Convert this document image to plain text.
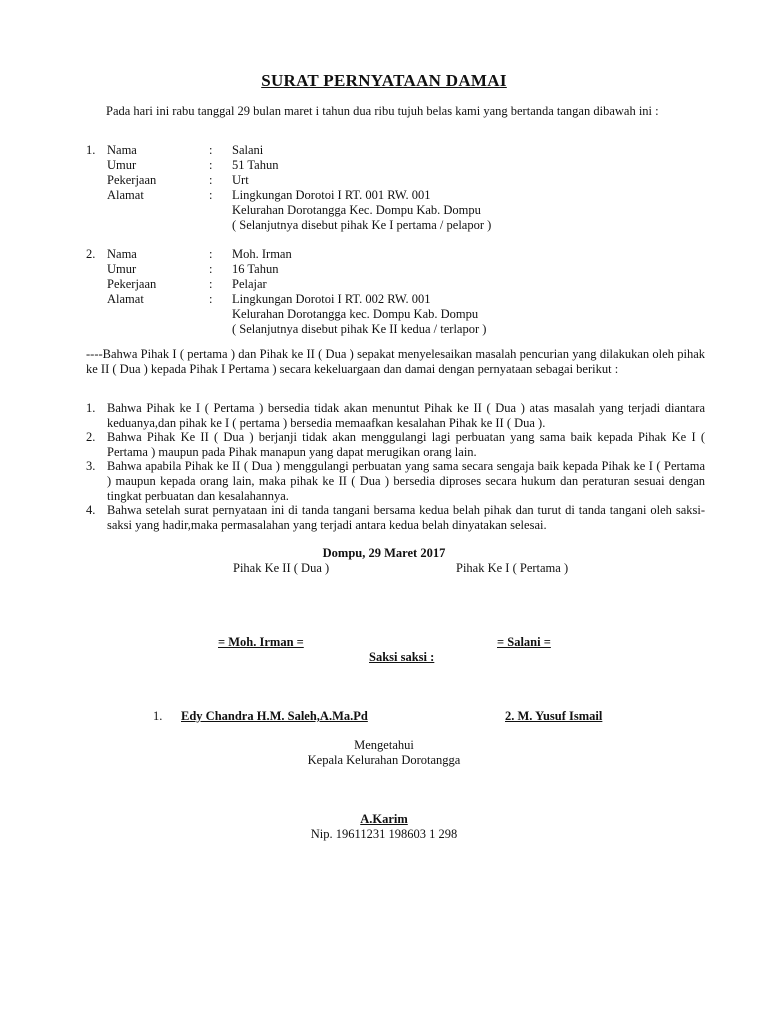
SURAT PERNYATAAN DAMAI
Pada hari ini rabu tanggal 29 bulan maret i tahun dua ribu tujuh belas kami yang bertanda tangan dibawah ini :
1. Nama	: Salani
Umur	: 51 Tahun
Pekerjaan	: Urt
Alamat	: Lingkungan Dorotoi I RT. 001 RW. 001
Kelurahan Dorotangga Kec. Dompu Kab. Dompu
( Selanjutnya disebut pihak Ke I pertama / pelapor )
2. Nama	: Moh. Irman
Umur	: 16 Tahun
Pekerjaan	: Pelajar
Alamat	: Lingkungan Dorotoi I RT. 002 RW. 001
Kelurahan Dorotangga kec. Dompu Kab. Dompu
( Selanjutnya disebut pihak Ke II kedua / terlapor )
----Bahwa Pihak I ( pertama ) dan Pihak ke II ( Dua ) sepakat menyelesaikan masalah pencurian yang dilakukan oleh pihak ke II ( Dua ) kepada Pihak I Pertama ) secara kekeluargaan dan damai dengan pernyataan sebagai berikut :
1. Bahwa Pihak ke I ( Pertama ) bersedia tidak akan menuntut Pihak ke II ( Dua ) atas masalah yang terjadi diantara keduanya,dan pihak ke I ( pertama ) bersedia memaafkan kesalahan Pihak ke II ( Dua ).
2. Bahwa Pihak Ke II ( Dua ) berjanji tidak akan menggulangi lagi perbuatan yang sama baik kepada Pihak Ke I ( Pertama ) maupun pada Pihak manapun yang dapat merugikan orang lain.
3. Bahwa apabila Pihak ke II ( Dua ) menggulangi perbuatan yang sama secara sengaja baik kepada Pihak ke I ( Pertama ) maupun kepada orang lain, maka pihak ke II ( Dua ) bersedia diproses secara hukum dan peraturan sesuai dengan tingkat perbuatan dan kesalahannya.
4. Bahwa setelah surat pernyataan ini di tanda tangani bersama kedua belah pihak dan turut di tanda tangani oleh saksi-saksi yang hadir,maka permasalahan yang terjadi antara kedua belah dinyatakan selesai.
Dompu, 29 Maret 2017
Pihak Ke II ( Dua )	Pihak Ke I ( Pertama )
= Moh. Irman =	= Salani =
Saksi saksi :
1. Edy Chandra H.M. Saleh,A.Ma.Pd	2. M. Yusuf Ismail
Mengetahui
Kepala Kelurahan Dorotangga
A.Karim
Nip. 19611231 198603 1 298
